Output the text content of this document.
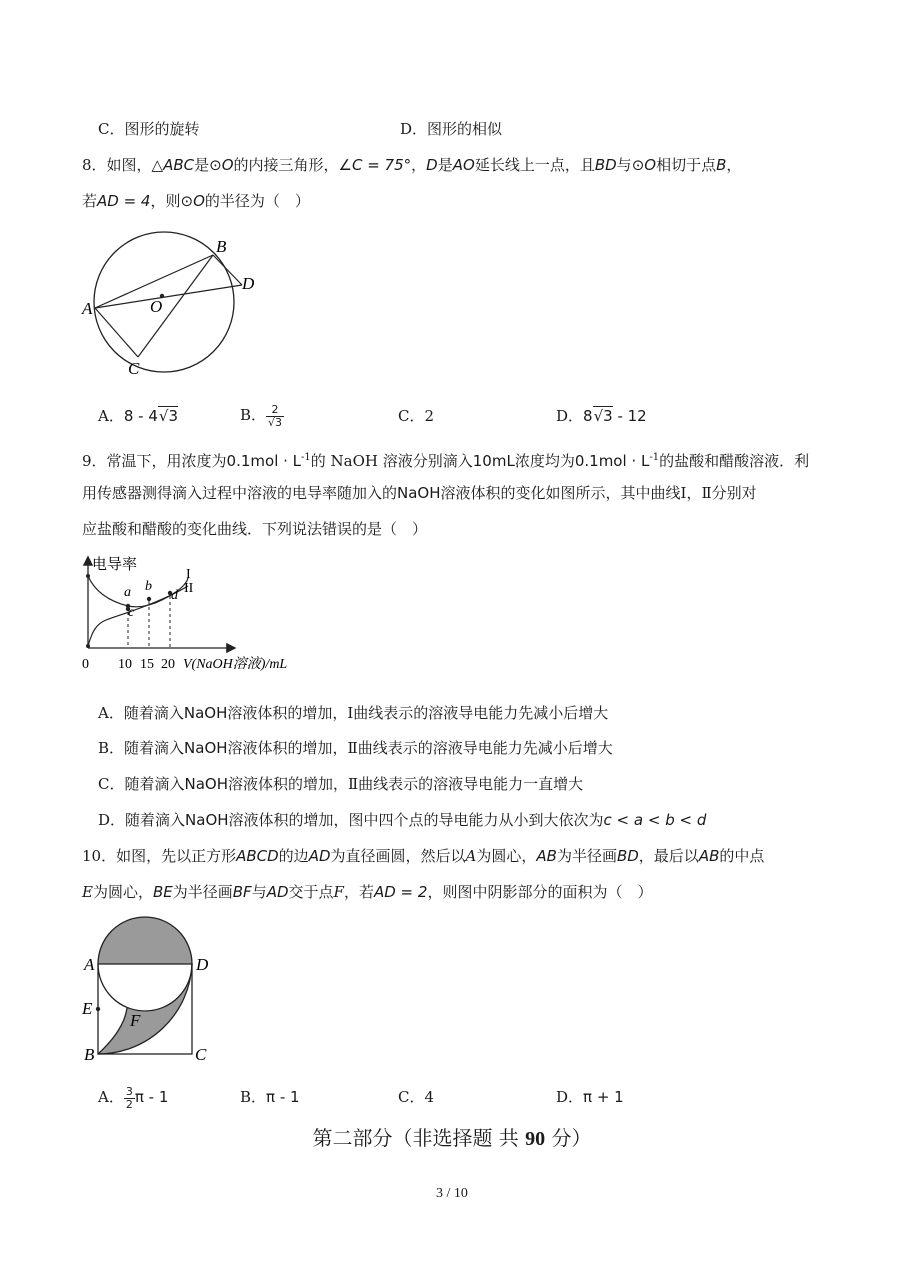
C．图形的旋转	D．图形的相似
8．如图，△ABC是⊙O的内接三角形，∠C = 75°，D是AO延长线上一点，且BD与⊙O相切于点B，
若AD = 4，则⊙O的半径为（　）
A
B
C
D
O
A．8 - 4√3	B． $\frac{2}{√3}$	C．2	D．8√3 - 12
9．常温下，用浓度为$0.1mol \cdot L^{-1}$的 NaOH 溶液分别滴入10mL浓度均为$0.1mol \cdot L^{-1}$的盐酸和醋酸溶液．利
用传感器测得滴入过程中溶液的电导率随加入的NaOH溶液体积的变化如图所示，其中曲线Ⅰ，Ⅱ分别对
应盐酸和醋酸的变化曲线．下列说法错误的是（　）
电导率
a b
c
d
I
II
0 10 15 20 V(NaOH溶液)/mL
A．随着滴入NaOH溶液体积的增加，Ⅰ曲线表示的溶液导电能力先减小后增大
B．随着滴入NaOH溶液体积的增加，Ⅱ曲线表示的溶液导电能力先减小后增大
C．随着滴入NaOH溶液体积的增加，Ⅱ曲线表示的溶液导电能力一直增大
D．随着滴入NaOH溶液体积的增加，图中四个点的导电能力从小到大依次为c < a < b < d
10．如图，先以正方形ABCD的边AD为直径画圆，然后以A为圆心，AB为半径画BD，最后以AB的中点
E为圆心，BE为半径画BF与AD交于点F，若AD = 2，则图中阴影部分的面积为（　）
A	D
E
F
B	C
A． $\frac{3}{2}$ π - 1	B．π - 1	C．4	D．π + 1
第二部分（非选择题 共 90 分）
3 / 10
